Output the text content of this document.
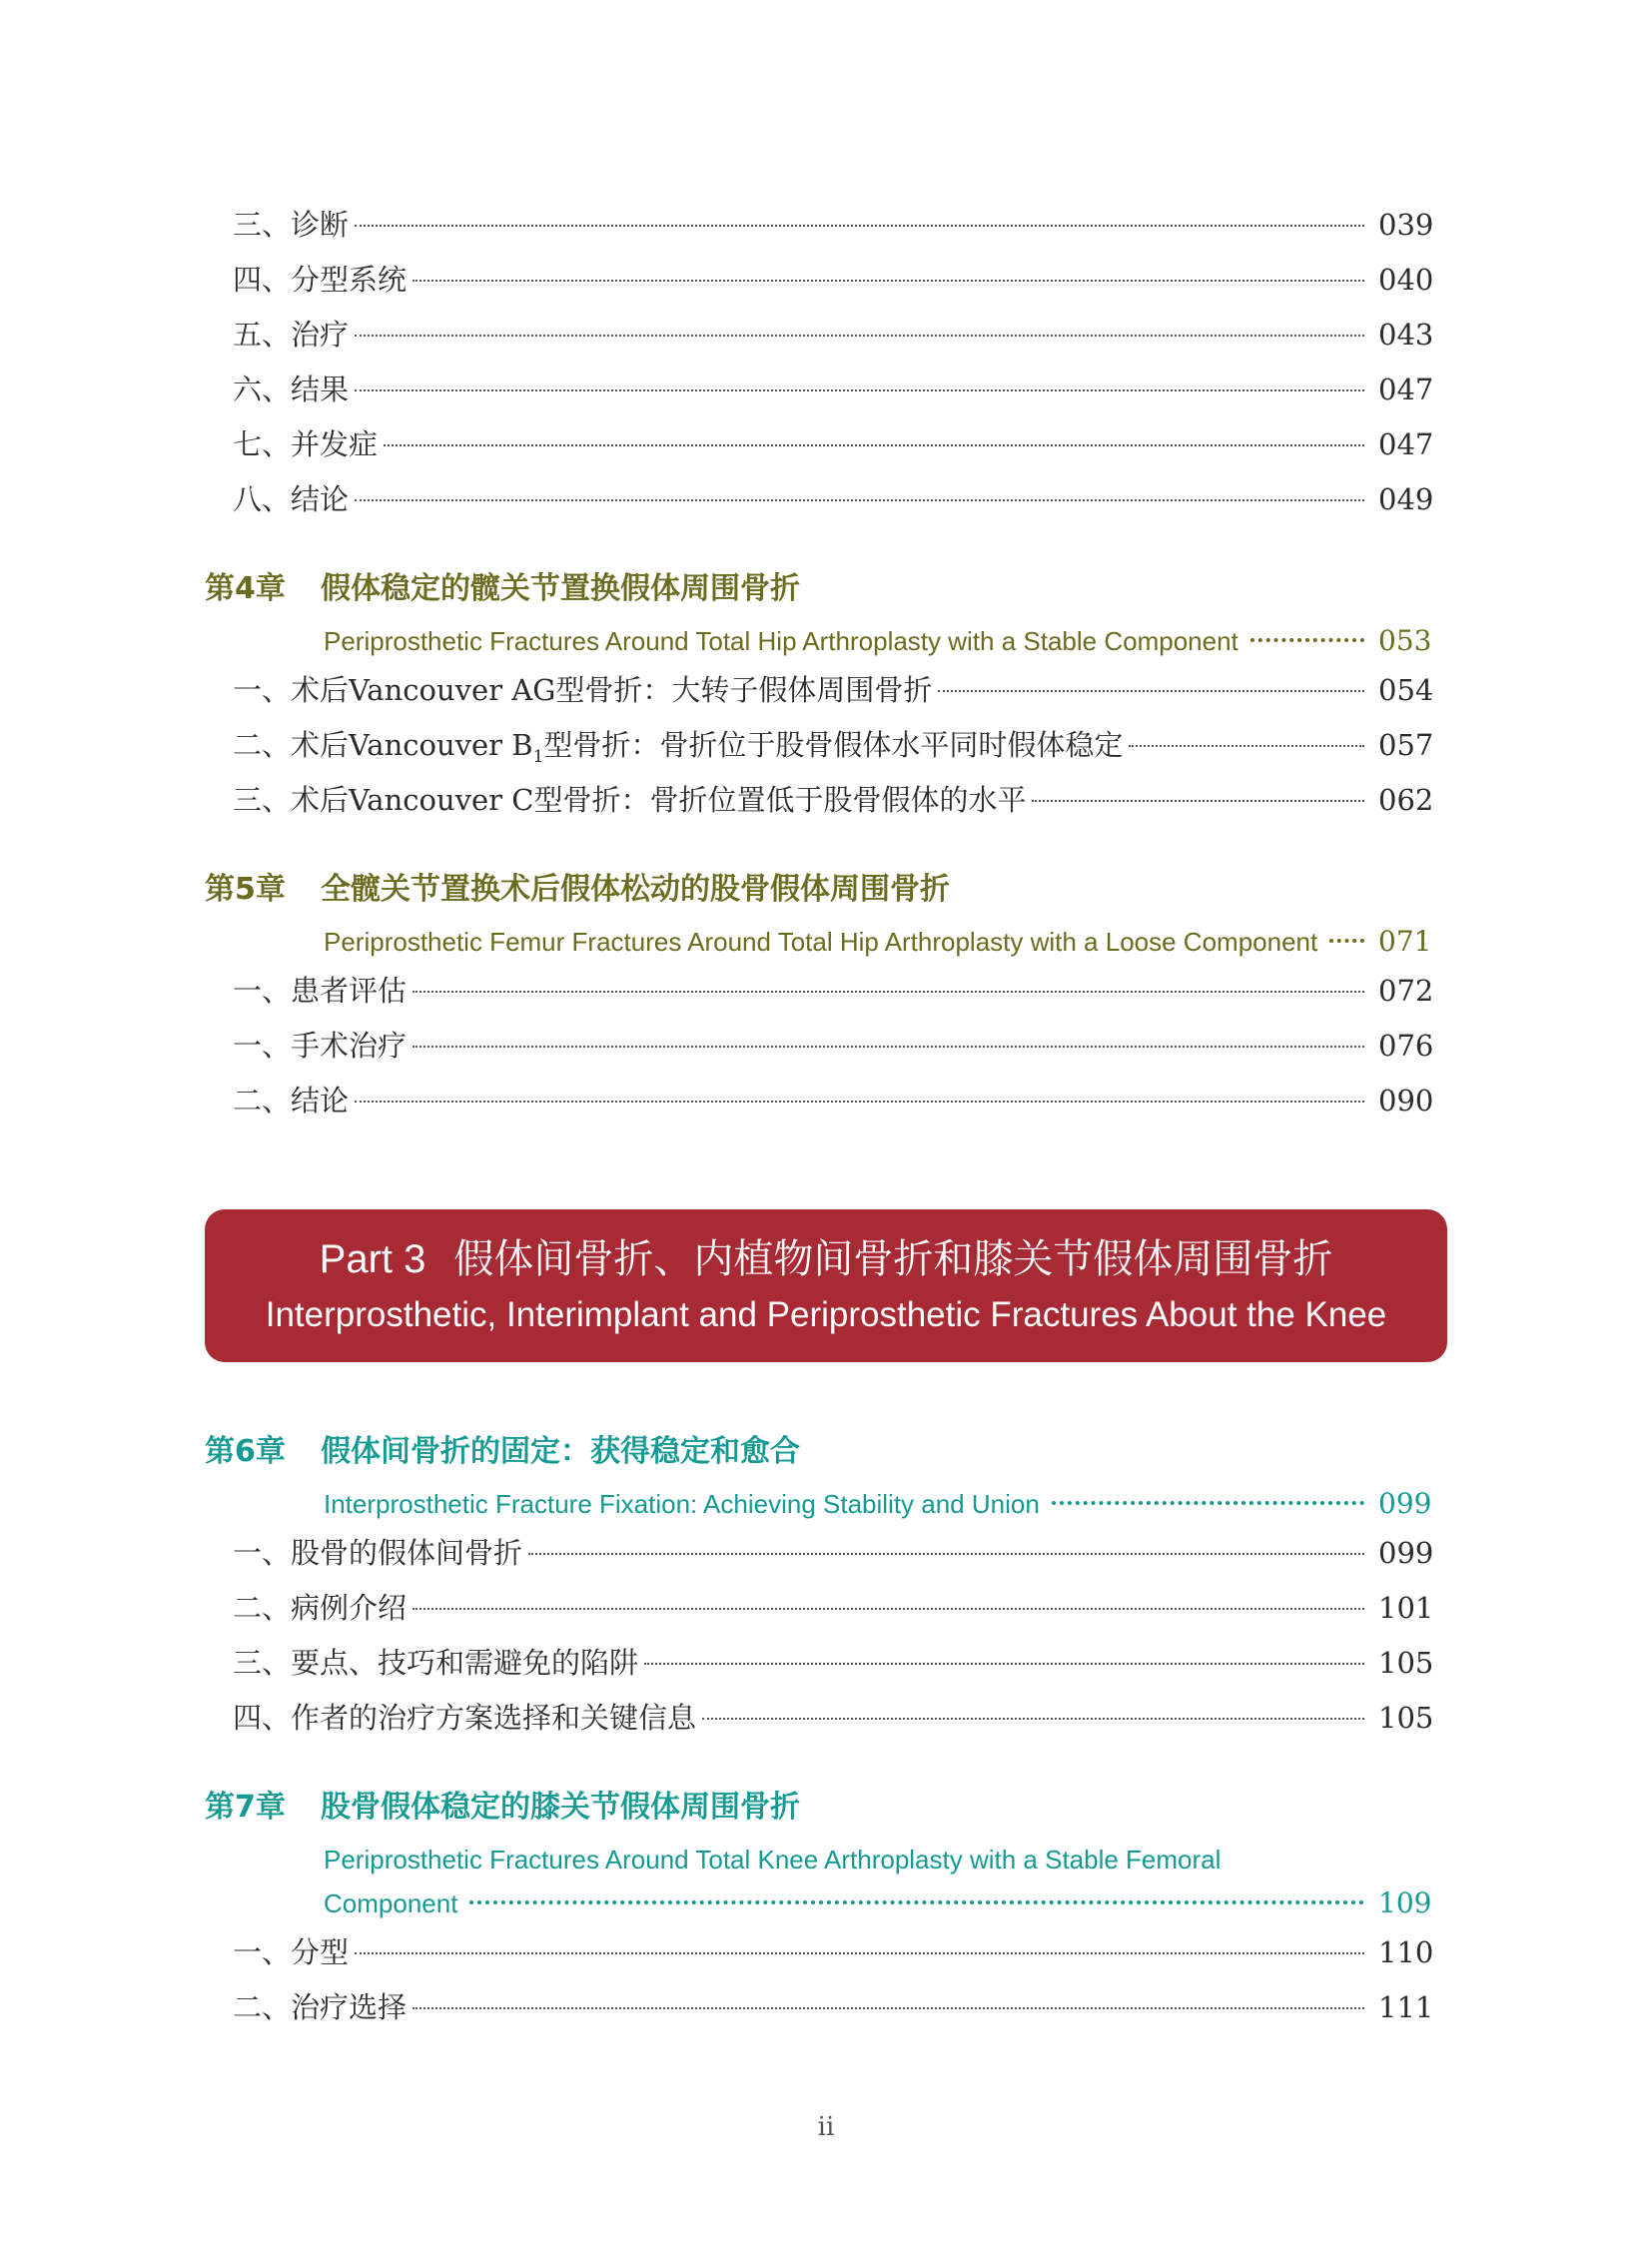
三、诊断	039
四、分型系统	040
五、治疗	043
六、结果	047
七、并发症	047
八、结论	049
第4章	假体稳定的髋关节置换假体周围骨折
Periprosthetic Fractures Around Total Hip Arthroplasty with a Stable Component	053
一、术后Vancouver AG型骨折：大转子假体周围骨折	054
二、术后Vancouver $B_1$型骨折：骨折位于股骨假体水平同时假体稳定	057
三、术后Vancouver C型骨折：骨折位置低于股骨假体的水平	062
第5章	全髋关节置换术后假体松动的股骨假体周围骨折
Periprosthetic Femur Fractures Around Total Hip Arthroplasty with a Loose Component 071
一、患者评估	072
一、手术治疗	076
二、结论	090
Part 3 假体间骨折、内植物间骨折和膝关节假体周围骨折
Interprosthetic, Interimplant and Periprosthetic Fractures About the Knee
第6章	假体间骨折的固定：获得稳定和愈合
Interprosthetic Fracture Fixation: Achieving Stability and Union	099
一、股骨的假体间骨折	099
二、病例介绍	101
三、要点、技巧和需避免的陷阱	105
四、作者的治疗方案选择和关键信息	105
第7章	股骨假体稳定的膝关节假体周围骨折
Periprosthetic Fractures Around Total Knee Arthroplasty with a Stable Femoral
Component	109
一、分型	110
二、治疗选择	111
ii
